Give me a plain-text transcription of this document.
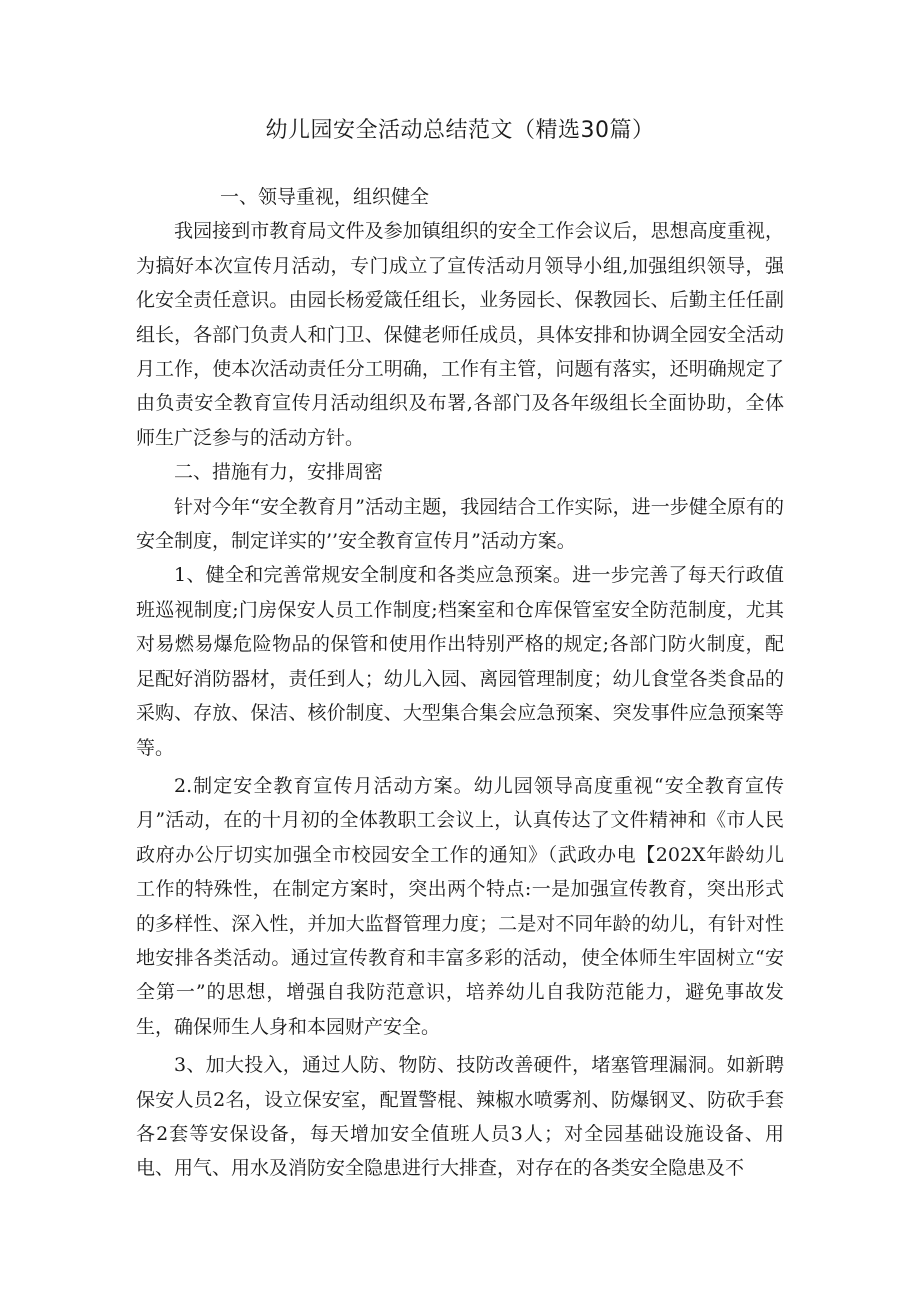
幼儿园安全活动总结范文（精选30篇）

一、领导重视，组织健全

我园接到市教育局文件及参加镇组织的安全工作会议后，思想高度重视，为搞好本次宣传月活动，专门成立了宣传活动月领导小组,加强组织领导，强化安全责任意识。由园长杨爱箴任组长，业务园长、保教园长、后勤主任任副组长，各部门负责人和门卫、保健老师任成员，具体安排和协调全园安全活动月工作，使本次活动责任分工明确，工作有主管，问题有落实，还明确规定了由负责安全教育宣传月活动组织及布署,各部门及各年级组长全面协助，全体师生广泛参与的活动方针。

二、措施有力，安排周密

针对今年“安全教育月”活动主题，我园结合工作实际，进一步健全原有的安全制度，制定详实的’’安全教育宣传月”活动方案。

1、健全和完善常规安全制度和各类应急预案。进一步完善了每天行政值班巡视制度;门房保安人员工作制度;档案室和仓库保管室安全防范制度，尤其对易燃易爆危险物品的保管和使用作出特别严格的规定;各部门防火制度，配足配好消防器材，责任到人；幼儿入园、离园管理制度；幼儿食堂各类食品的采购、存放、保洁、核价制度、大型集合集会应急预案、突发事件应急预案等等。

2.制定安全教育宣传月活动方案。幼儿园领导高度重视“安全教育宣传月”活动，在的十月初的全体教职工会议上，认真传达了文件精神和《市人民政府办公厅切实加强全市校园安全工作的通知》（武政办电【202X年龄幼儿工作的特殊性，在制定方案时，突出两个特点:一是加强宣传教育，突出形式的多样性、深入性，并加大监督管理力度；二是对不同年龄的幼儿，有针对性地安排各类活动。通过宣传教育和丰富多彩的活动，使全体师生牢固树立“安全第一”的思想，增强自我防范意识，培养幼儿自我防范能力，避免事故发生，确保师生人身和本园财产安全。

3、加大投入，通过人防、物防、技防改善硬件，堵塞管理漏洞。如新聘保安人员2名，设立保安室，配置警棍、辣椒水喷雾剂、防爆钢叉、防砍手套各2套等安保设备，每天增加安全值班人员3人；对全园基础设施设备、用电、用气、用水及消防安全隐患进行大排查，对存在的各类安全隐患及不
